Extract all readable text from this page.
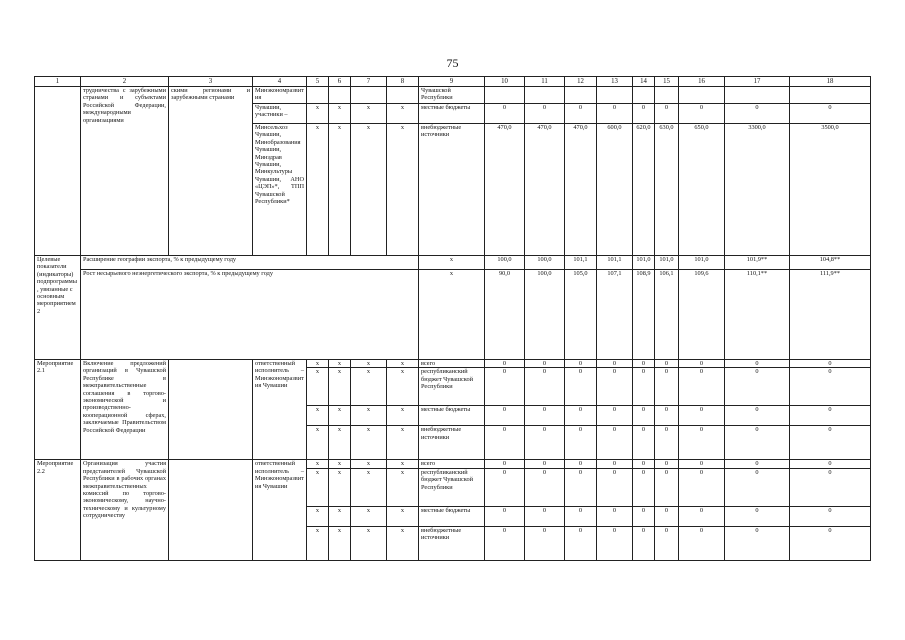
75
1	2	3	4	5	6	7	8	9	10	11	12	13	14	15	16	17	18
	трудничества с зарубежными странами и субъектами Российской Федерации, международными организациями	скими регионами и зарубежными странами	Минэкономразвития					Чувашской Республики									
			Чувашии, участники –	х	х	х	х	местные бюджеты	0	0	0	0	0	0	0	0	0
			Минсельхоз Чувашии, Минобразования Чувашии, Минздрав Чувашии, Минкультуры Чувашии, АНО «ЦЭП»*, ТПП Чувашской Республики*	х	х	х	х	внебюджетные источники	470,0	470,0	470,0	600,0	620,0	630,0	650,0	3300,0	3500,0
Целевые показатели (индикаторы) подпрограммы, увязанные с основным мероприятием 2	Расширение географии экспорта, % к предыдущему году							х	100,0	100,0	101,1	101,1	101,0	101,0	101,0	101,9**	104,8**
	Рост несырьевого неэнергетического экспорта, % к предыдущему году							х	90,0	100,0	105,0	107,1	108,9	106,1	109,6	110,1**	111,9**
Мероприятие 2.1	Включение предложений организаций в Чувашской Республике в межправительственные соглашения в торгово-экономической и производственно-кооперационной сферах, заключаемые Правительством Российской Федерации		ответственный исполнитель – Минэкономразвития Чувашии	х	х	х	х	всего	0	0	0	0	0	0	0	0	0
				х	х	х	х	республиканский бюджет Чувашской Республики	0	0	0	0	0	0	0	0	0
				х	х	х	х	местные бюджеты	0	0	0	0	0	0	0	0	0
				х	х	х	х	внебюджетные источники	0	0	0	0	0	0	0	0	0
Мероприятие 2.2	Организация участия представителей Чувашской Республики в рабочих органах межправительственных комиссий по торгово-экономическому, научно-техническому и культурному сотрудничеству		ответственный исполнитель – Минэкономразвития Чувашии	х	х	х	х	всего	0	0	0	0	0	0	0	0	0
				х	х	х	х	республиканский бюджет Чувашской Республики	0	0	0	0	0	0	0	0	0
				х	х	х	х	местные бюджеты	0	0	0	0	0	0	0	0	0
				х	х	х	х	внебюджетные источники	0	0	0	0	0	0	0	0	0
